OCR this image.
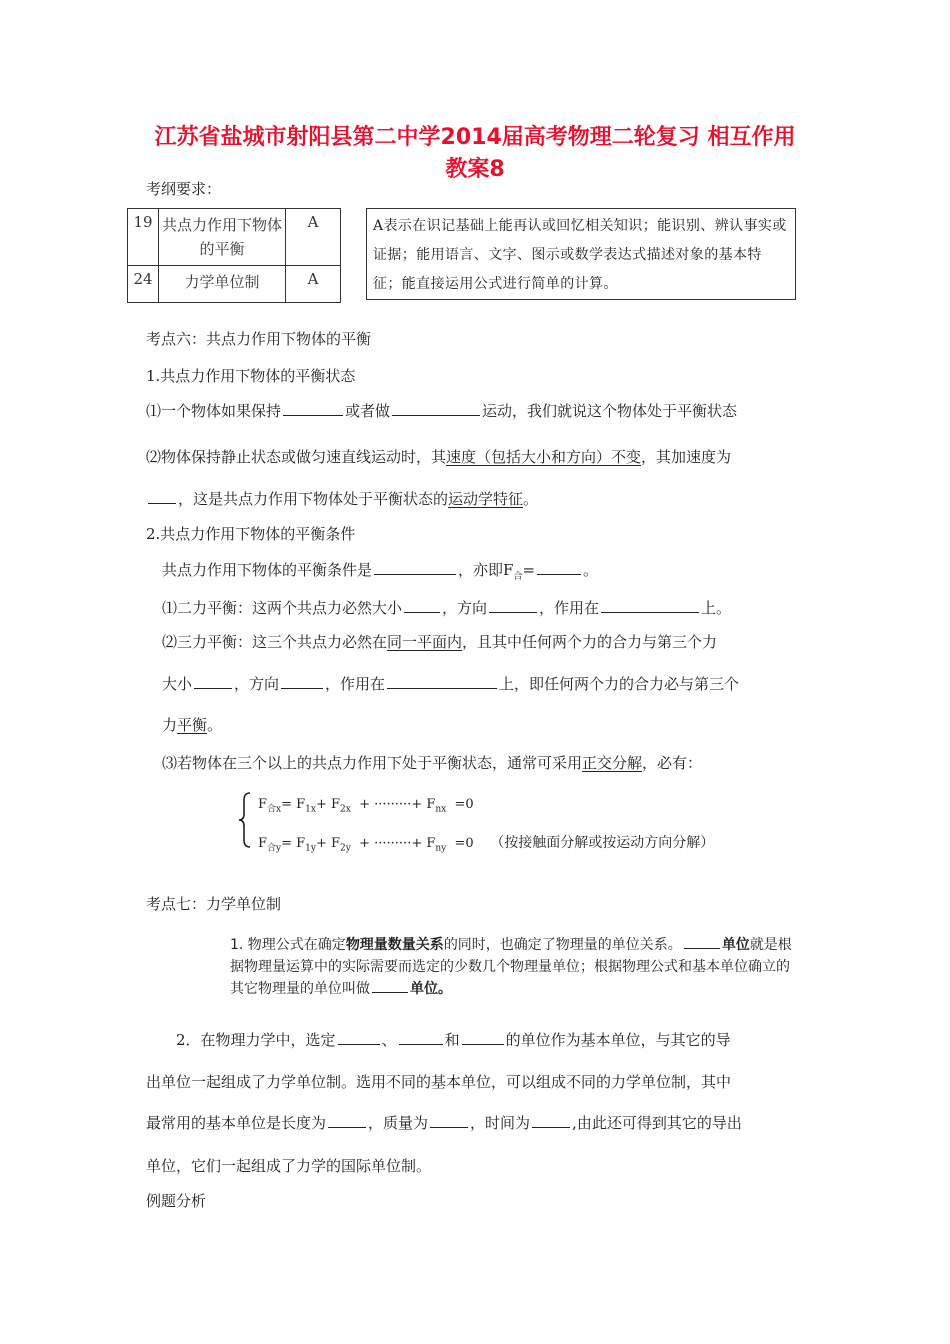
江苏省盐城市射阳县第二中学2014届高考物理二轮复习 相互作用
教案8
考纲要求：
19	共点力作用下物体的平衡	A
24	力学单位制	A
A表示在识记基础上能再认或回忆相关知识；能识别、辨认事实或证据；能用语言、文字、图示或数学表达式描述对象的基本特征；能直接运用公式进行简单的计算。
考点六：共点力作用下物体的平衡
1.共点力作用下物体的平衡状态
⑴一个物体如果保持	或者做	运动，我们就说这个物体处于平衡状态
⑵物体保持静止状态或做匀速直线运动时，其速度（包括大小和方向）不变，其加速度为
，这是共点力作用下物体处于平衡状态的运动学特征。
2.共点力作用下物体的平衡条件
共点力作用下物体的平衡条件是	，亦即$F_合=$	。
⑴二力平衡：这两个共点力必然大小	，方向	，作用在	上。
⑵三力平衡：这三个共点力必然在同一平面内，且其中任何两个力的合力与第三个力
大小	，方向	，作用在	上，即任何两个力的合力必与第三个
力平衡。
⑶若物体在三个以上的共点力作用下处于平衡状态，通常可采用正交分解，必有：
$F_{合x}= F_{1x}+ F_{2x}$ + ·········+ $F_{nx} =0$
$F_{合y}= F_{1y}+ F_{2y}$ + ·········+ $F_{ny} =0$ （按接触面分解或按运动方向分解）
考点七：力学单位制
1. 物理公式在确定物理量数量关系的同时，也确定了物理量的单位关系。	单位就是根据物理量运算中的实际需要而选定的少数几个物理量单位；根据物理公式和基本单位确立的其它物理量的单位叫做	单位。
2．在物理力学中，选定	、	和	的单位作为基本单位，与其它的导
出单位一起组成了力学单位制。选用不同的基本单位，可以组成不同的力学单位制，其中
最常用的基本单位是长度为	，质量为	，时间为	,由此还可得到其它的导出
单位，它们一起组成了力学的国际单位制。
例题分析
